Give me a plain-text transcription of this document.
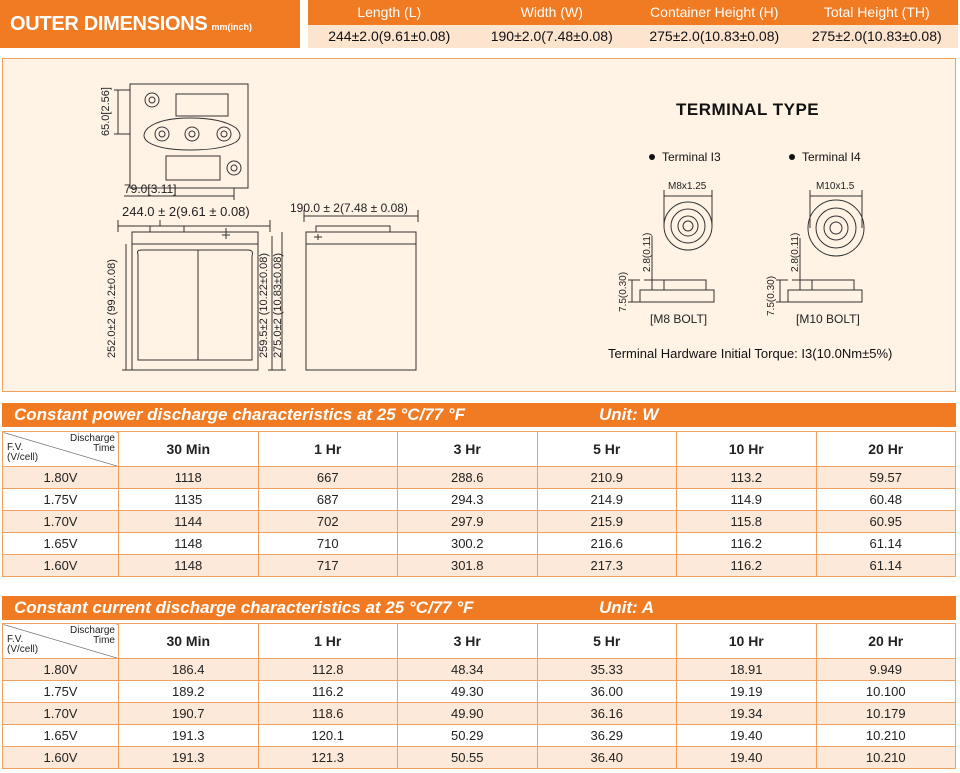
OUTER DIMENSIONS mm(inch)
Length (L)	Width (W)	Container Height (H)	Total Height (TH)
244±2.0(9.61±0.08)	190±2.0(7.48±0.08)	275±2.0(10.83±0.08)	275±2.0(10.83±0.08)
65.0[2.56]
79.0[3.11]
244.0 ± 2(9.61 ± 0.08)	190.0 ± 2(7.48 ± 0.08)
252.0±2 (99.2±0.08)	259.5±2 (10.22±0.08) 275.0±2 (10.83±0.08)
TERMINAL TYPE
Terminal I3	Terminal I4
M8x1.25	M10x1.5
2.8(0.11)	2.8(0.11)
7.5(0.30)	7.5(0.30)
[M8 BOLT]	[M10 BOLT]
Terminal Hardware Initial Torque: I3(10.0Nm±5%)
Constant power discharge characteristics at 25 °C/77 °F	Unit: W
Discharge
Time
F.V.
(V/cell)	30 Min	1 Hr	3 Hr	5 Hr	10 Hr	20 Hr
1.80V	1118	667	288.6	210.9	113.2	59.57
1.75V	1135	687	294.3	214.9	114.9	60.48
1.70V	1144	702	297.9	215.9	115.8	60.95
1.65V	1148	710	300.2	216.6	116.2	61.14
1.60V	1148	717	301.8	217.3	116.2	61.14
Constant current discharge characteristics at 25 °C/77 °F	Unit: A
Discharge
Time
F.V.
(V/cell)	30 Min	1 Hr	3 Hr	5 Hr	10 Hr	20 Hr
1.80V	186.4	112.8	48.34	35.33	18.91	9.949
1.75V	189.2	116.2	49.30	36.00	19.19	10.100
1.70V	190.7	118.6	49.90	36.16	19.34	10.179
1.65V	191.3	120.1	50.29	36.29	19.40	10.210
1.60V	191.3	121.3	50.55	36.40	19.40	10.210
